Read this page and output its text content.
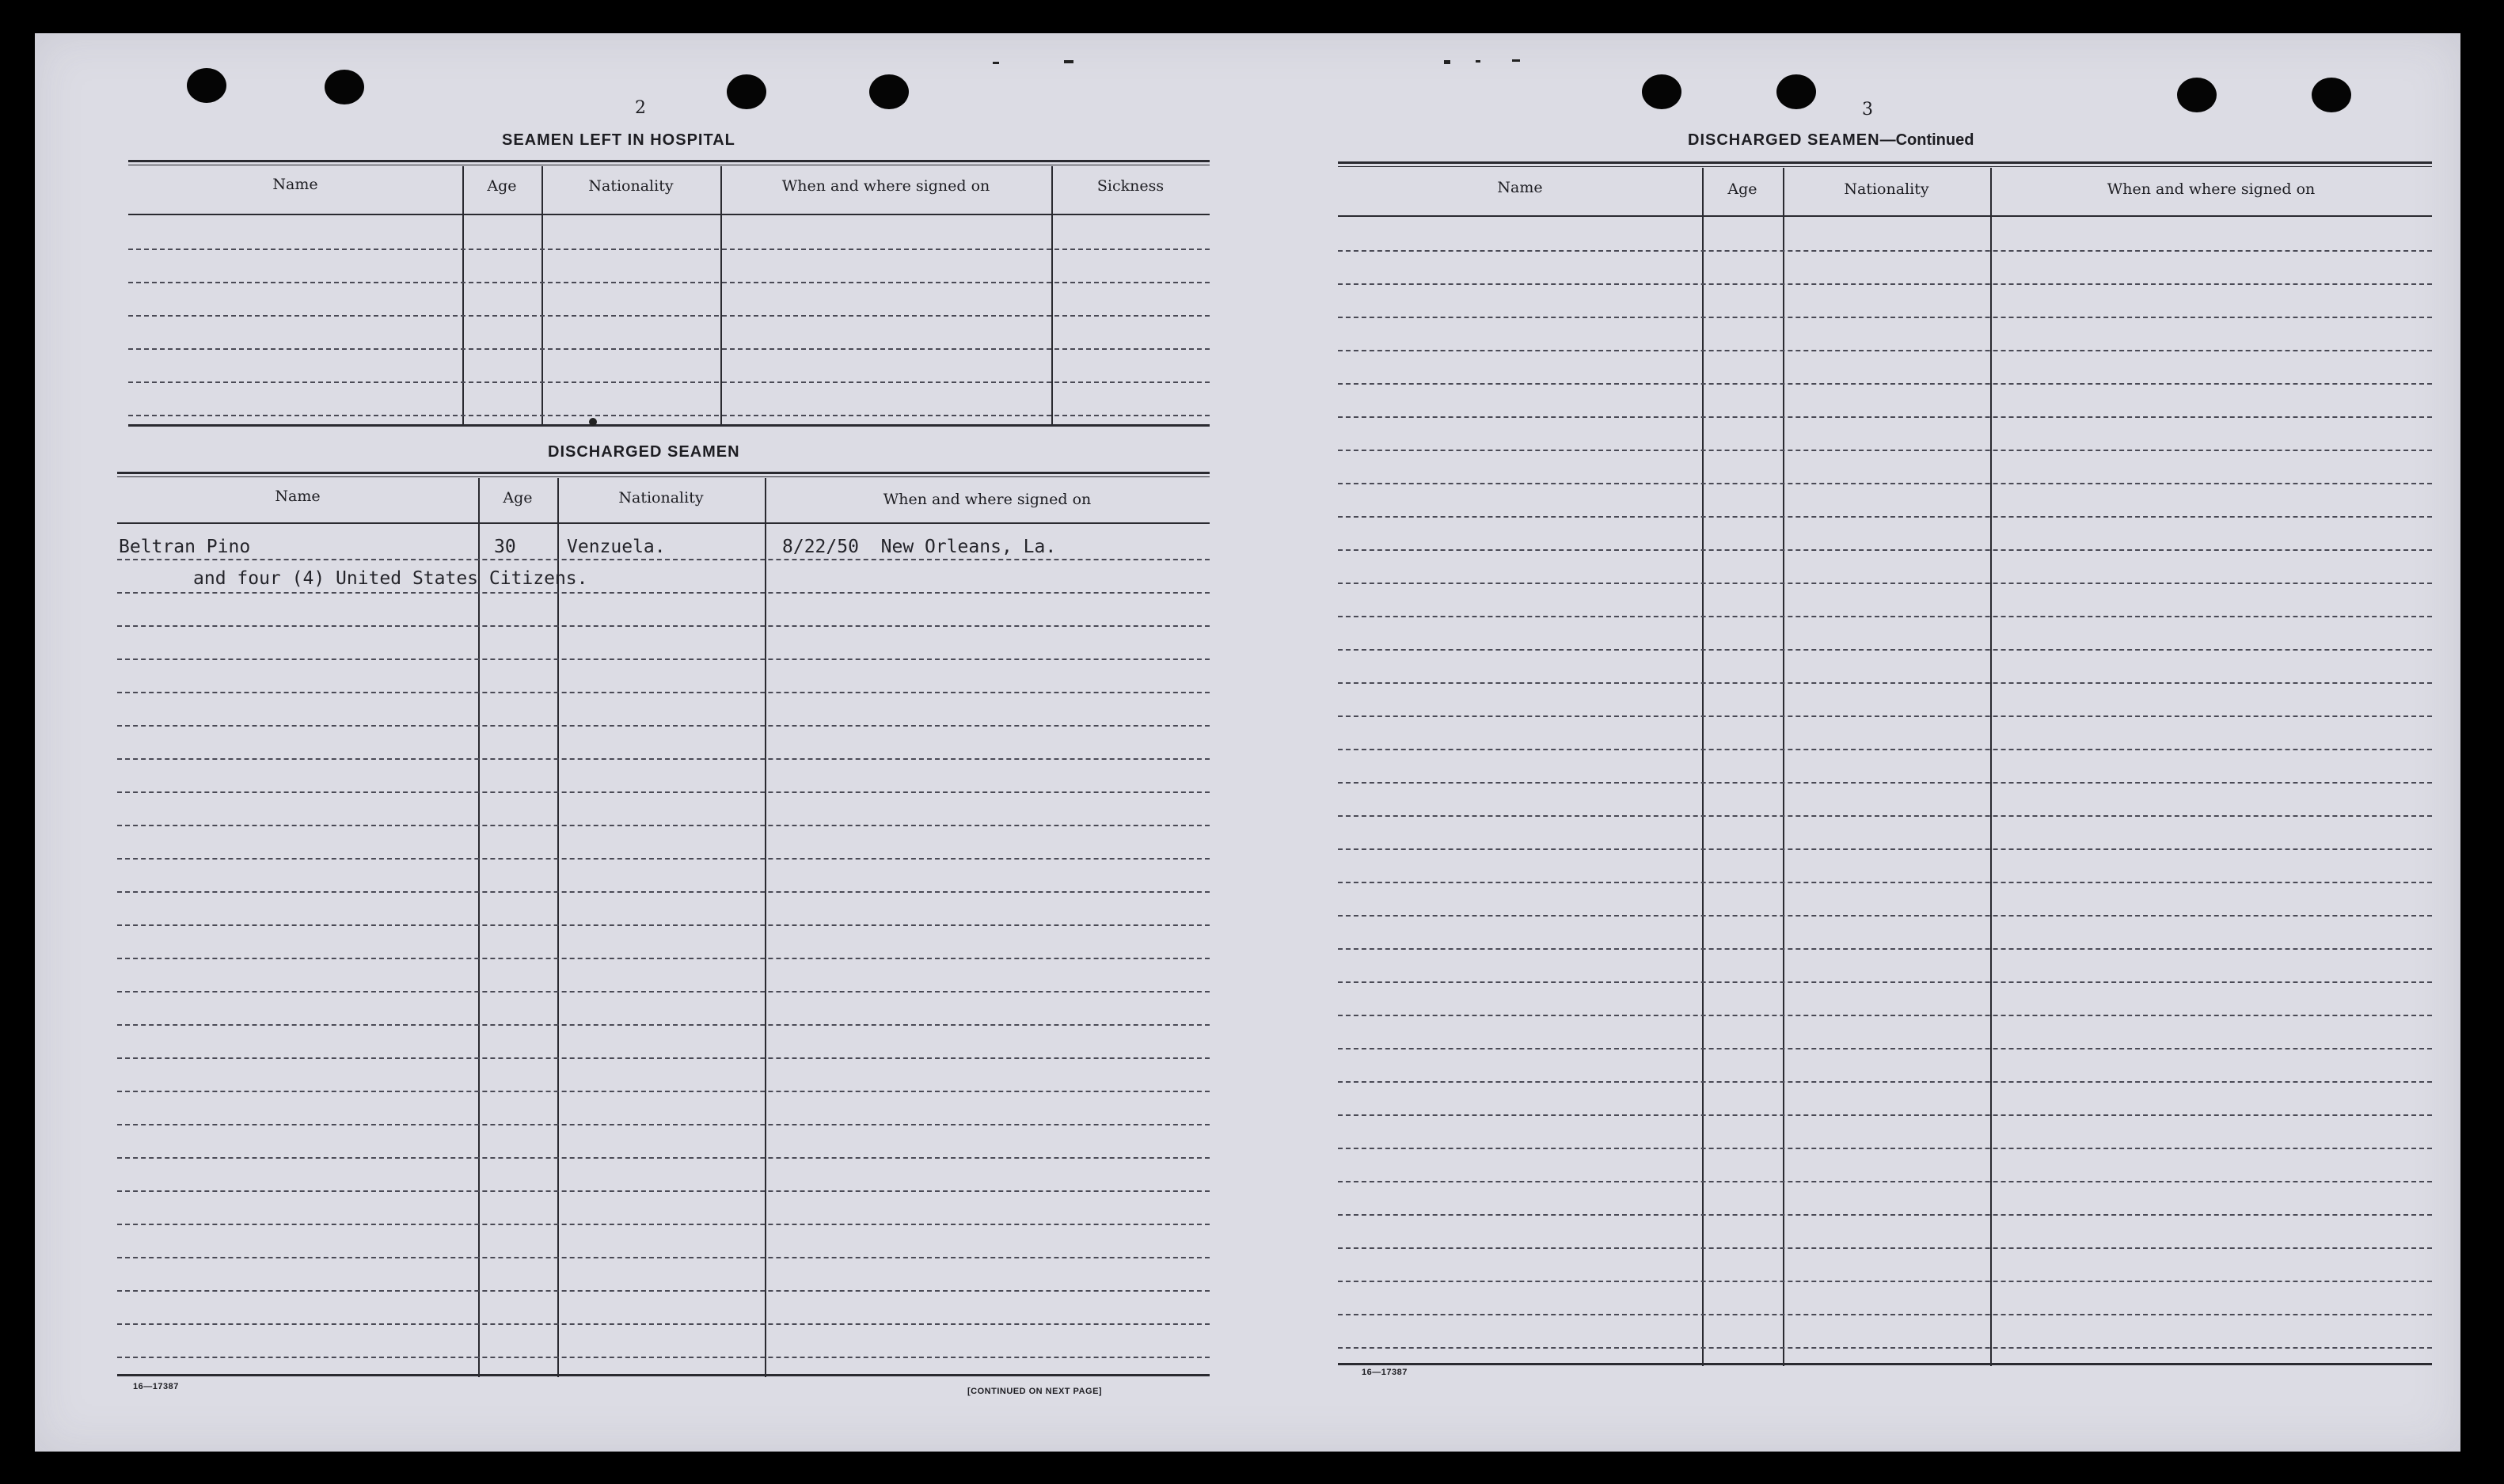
2
SEAMEN LEFT IN HOSPITAL
Name	Age	Nationality	When and where signed on	Sickness
DISCHARGED SEAMEN
Name	Age	Nationality	When and where signed on
Beltran Pino	30	Venzuela.	8/22/50  New Orleans, La.
and four (4) United States Citizens.
16—17387	[CONTINUED ON NEXT PAGE]
3
DISCHARGED SEAMEN—Continued
Name	Age	Nationality	When and where signed on
16—17387
